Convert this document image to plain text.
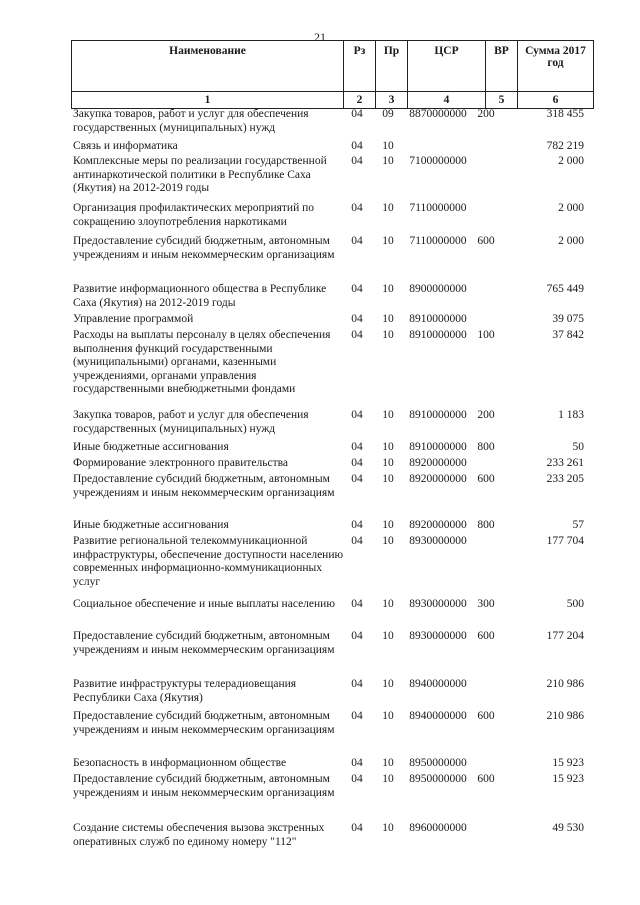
21
Наименование	Рз	Пр	ЦСР	ВР	Сумма 2017 год
1	2	3	4	5	6
Закупка товаров, работ и услуг для обеспечения государственных (муниципальных) нужд
04 09	8870000000 200	318 455
Связь и информатика	04 10	782 219
Комплексные меры по реализации государственной антинаркотической политики в Республике Саха (Якутия) на 2012-2019 годы
04 10	7100000000	2 000
Организация профилактических мероприятий по сокращению злоупотребления наркотиками
04 10	7110000000	2 000
Предоставление субсидий бюджетным, автономным учреждениям и иным некоммерческим организациям
04 10	7110000000 600	2 000
Развитие информационного общества в Республике Саха (Якутия) на 2012-2019 годы
04 10	8900000000	765 449
Управление программой	04 10	8910000000	39 075
Расходы на выплаты персоналу в целях обеспечения выполнения функций государственными (муниципальными) органами, казенными учреждениями, органами управления государственными внебюджетными фондами
04 10	8910000000 100	37 842
Закупка товаров, работ и услуг для обеспечения государственных (муниципальных) нужд
04 10	8910000000 200	1 183
Иные бюджетные ассигнования	04 10	8910000000 800	50
Формирование электронного правительства	04 10	8920000000	233 261
Предоставление субсидий бюджетным, автономным учреждениям и иным некоммерческим организациям
04 10	8920000000 600	233 205
Иные бюджетные ассигнования	04 10	8920000000 800	57
Развитие региональной телекоммуникационной инфраструктуры, обеспечение доступности населению современных информационно-коммуникационных услуг
04 10	8930000000	177 704
Социальное обеспечение и иные выплаты населению	04 10	8930000000 300	500
Предоставление субсидий бюджетным, автономным учреждениям и иным некоммерческим организациям
04 10	8930000000 600	177 204
Развитие инфраструктуры телерадиовещания Республики Саха (Якутия)
04 10	8940000000	210 986
Предоставление субсидий бюджетным, автономным учреждениям и иным некоммерческим организациям
04 10	8940000000 600	210 986
Безопасность в информационном обществе	04 10	8950000000	15 923
Предоставление субсидий бюджетным, автономным учреждениям и иным некоммерческим организациям
04 10	8950000000 600	15 923
Создание системы обеспечения вызова экстренных оперативных служб по единому номеру "112"
04 10	8960000000	49 530
